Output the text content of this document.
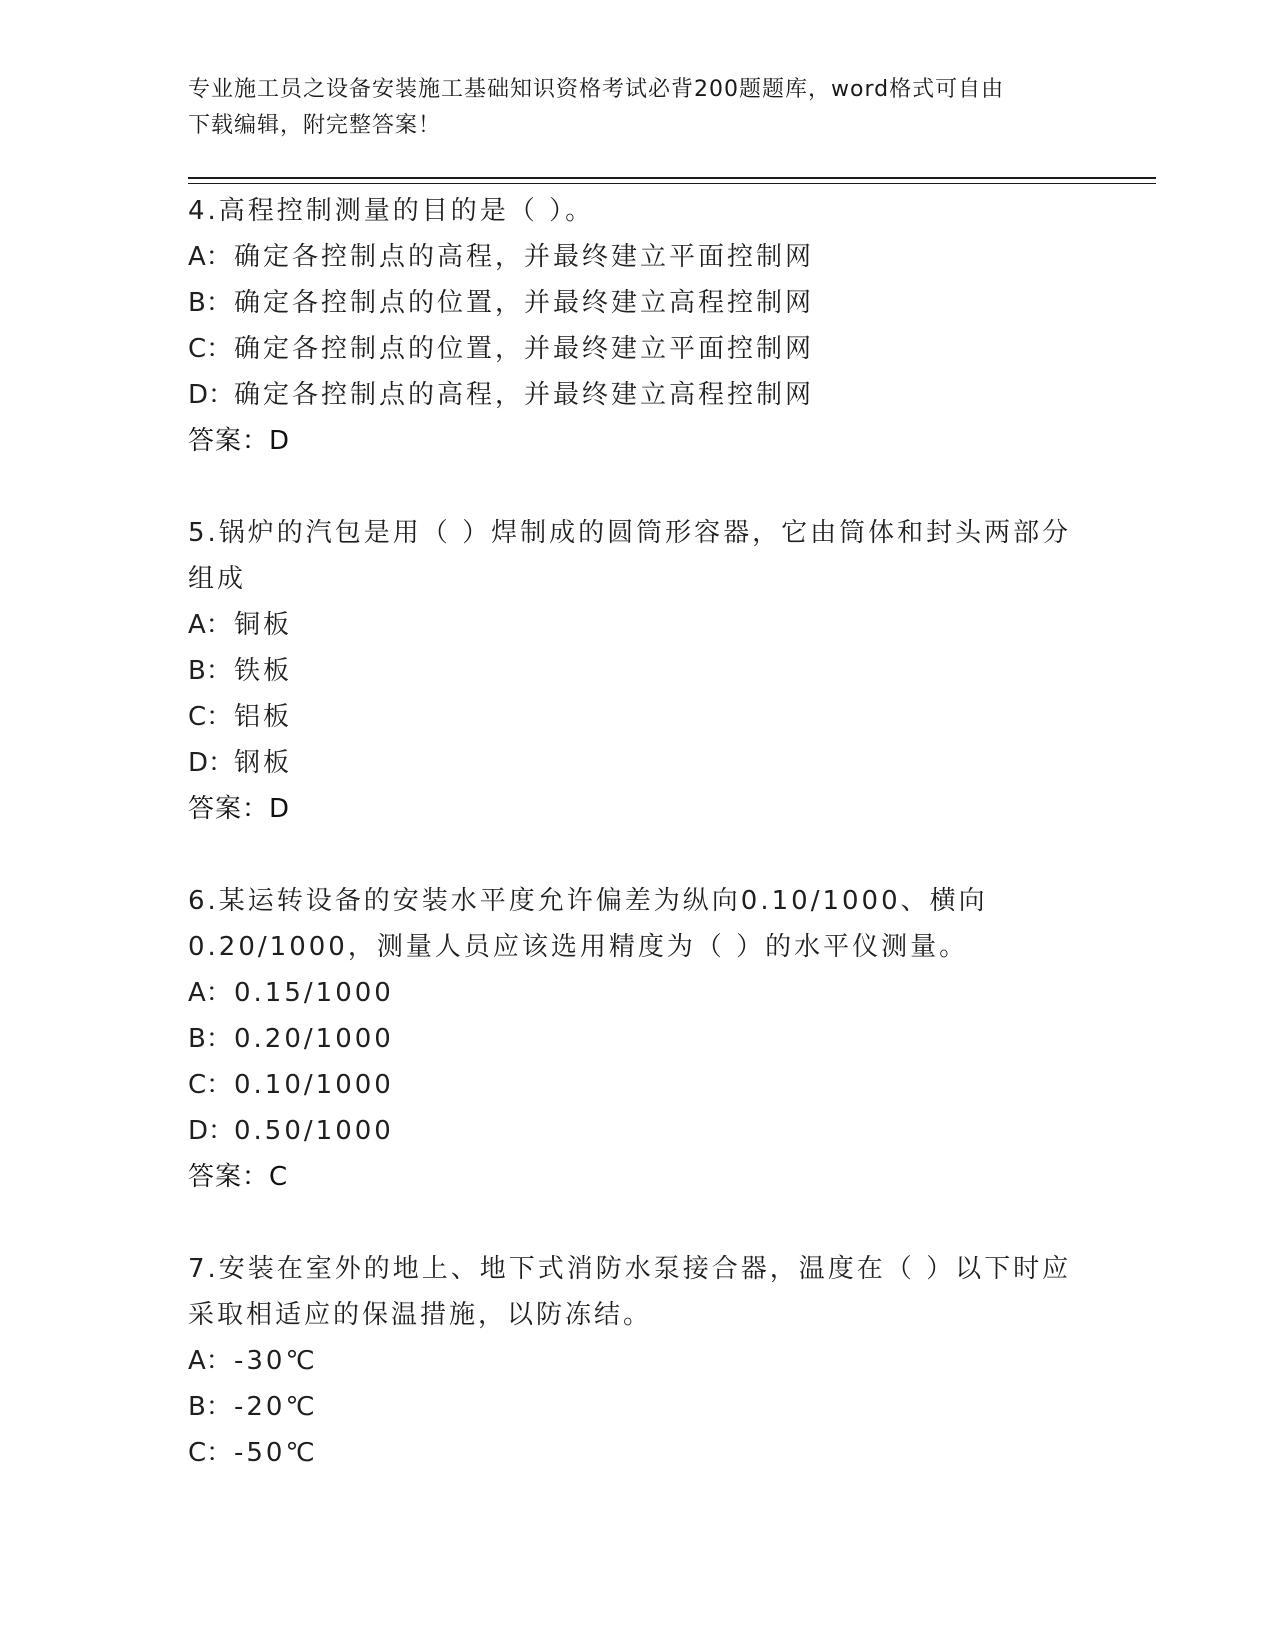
专业施工员之设备安装施工基础知识资格考试必背200题题库，word格式可自由
下载编辑，附完整答案！
4.高程控制测量的目的是（ ）。
A：确定各控制点的高程，并最终建立平面控制网
B：确定各控制点的位置，并最终建立高程控制网
C：确定各控制点的位置，并最终建立平面控制网
D：确定各控制点的高程，并最终建立高程控制网
答案：D
5.锅炉的汽包是用（ ）焊制成的圆筒形容器，它由筒体和封头两部分
组成
A：铜板
B：铁板
C：铝板
D：钢板
答案：D
6.某运转设备的安装水平度允许偏差为纵向0.10/1000、横向
0.20/1000，测量人员应该选用精度为（ ）的水平仪测量。
A：0.15/1000
B：0.20/1000
C：0.10/1000
D：0.50/1000
答案：C
7.安装在室外的地上、地下式消防水泵接合器，温度在（ ）以下时应
采取相适应的保温措施，以防冻结。
A：-30℃
B：-20℃
C：-50℃
